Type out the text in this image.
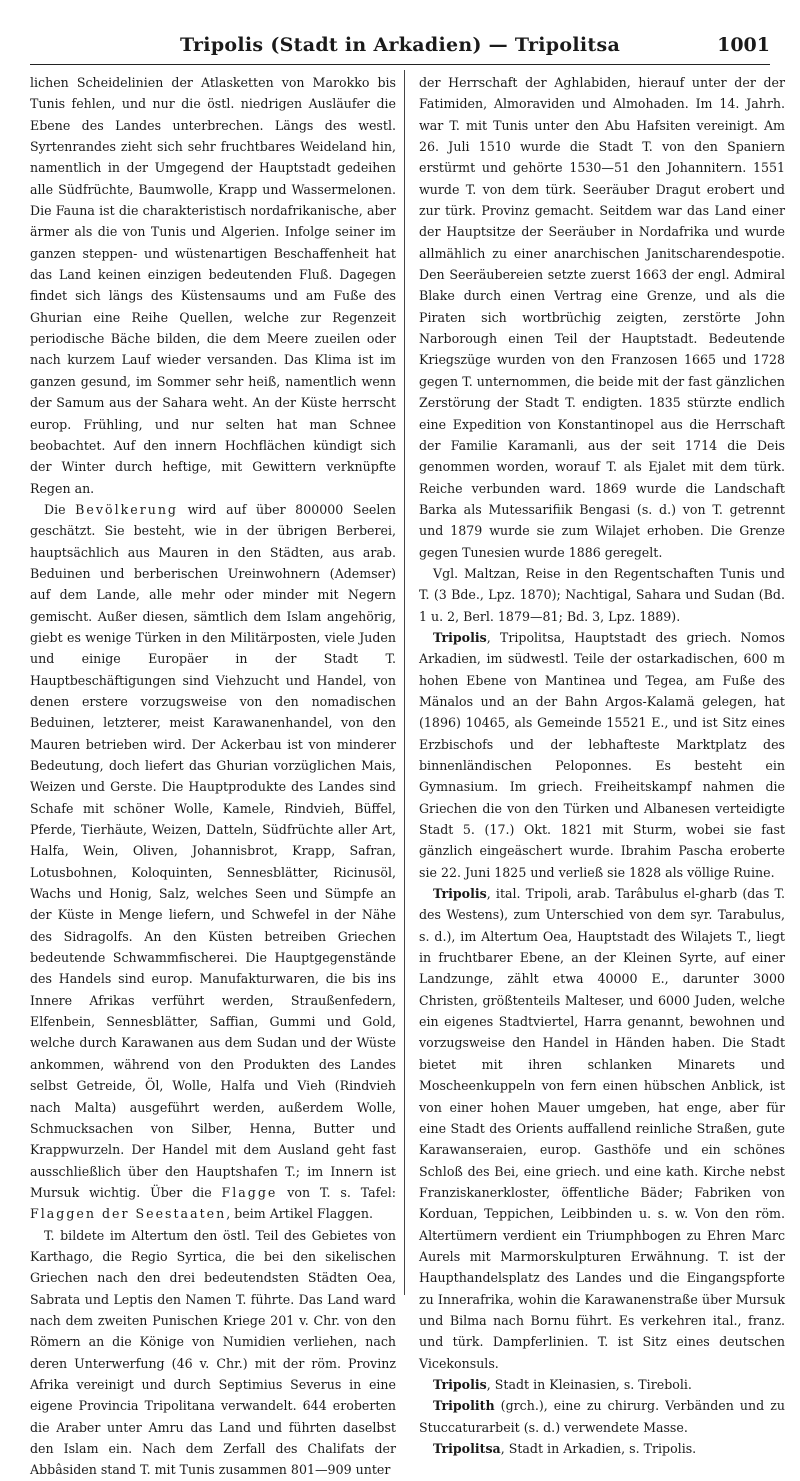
Tripolis (Stadt in Arkadien) — Tripolitsa	1001

lichen Scheidelinien der Atlasketten von Marokko bis Tunis fehlen, und nur die östl. niedrigen Ausläufer die Ebene des Landes unterbrechen. Längs des westl. Syrtenrandes zieht sich sehr fruchtbares Weideland hin, namentlich in der Umgegend der Hauptstadt gedeihen alle Südfrüchte, Baumwolle, Krapp und Wassermelonen. Die Fauna ist die charakteristisch nordafrikanische, aber ärmer als die von Tunis und Algerien. Infolge seiner im ganzen steppen- und wüstenartigen Beschaffenheit hat das Land keinen einzigen bedeutenden Fluß. Dagegen findet sich längs des Küstensaums und am Fuße des Ghurian eine Reihe Quellen, welche zur Regenzeit periodische Bäche bilden, die dem Meere zueilen oder nach kurzem Lauf wieder versanden. Das Klima ist im ganzen gesund, im Sommer sehr heiß, namentlich wenn der Samum aus der Sahara weht. An der Küste herrscht europ. Frühling, und nur selten hat man Schnee beobachtet. Auf den innern Hochflächen kündigt sich der Winter durch heftige, mit Gewittern verknüpfte Regen an.

Die Bevölkerung wird auf über 800000 Seelen geschätzt. Sie besteht, wie in der übrigen Berberei, hauptsächlich aus Mauren in den Städten, aus arab. Beduinen und berberischen Ureinwohnern (Ademser) auf dem Lande, alle mehr oder minder mit Negern gemischt. Außer diesen, sämtlich dem Islam angehörig, giebt es wenige Türken in den Militärposten, viele Juden und einige Europäer in der Stadt T. Hauptbeschäftigungen sind Viehzucht und Handel, von denen erstere vorzugsweise von den nomadischen Beduinen, letzterer, meist Karawanenhandel, von den Mauren betrieben wird. Der Ackerbau ist von minderer Bedeutung, doch liefert das Ghurian vorzüglichen Mais, Weizen und Gerste. Die Hauptprodukte des Landes sind Schafe mit schöner Wolle, Kamele, Rindvieh, Büffel, Pferde, Tierhäute, Weizen, Datteln, Südfrüchte aller Art, Halfa, Wein, Oliven, Johannisbrot, Krapp, Safran, Lotusbohnen, Koloquinten, Sennesblätter, Ricinusöl, Wachs und Honig, Salz, welches Seen und Sümpfe an der Küste in Menge liefern, und Schwefel in der Nähe des Sidragolfs. An den Küsten betreiben Griechen bedeutende Schwammfischerei. Die Hauptgegenstände des Handels sind europ. Manufakturwaren, die bis ins Innere Afrikas verführt werden, Straußenfedern, Elfenbein, Sennesblätter, Saffian, Gummi und Gold, welche durch Karawanen aus dem Sudan und der Wüste ankommen, während von den Produkten des Landes selbst Getreide, Öl, Wolle, Halfa und Vieh (Rindvieh nach Malta) ausgeführt werden, außerdem Wolle, Schmucksachen von Silber, Henna, Butter und Krappwurzeln. Der Handel mit dem Ausland geht fast ausschließlich über den Hauptshafen T.; im Innern ist Mursuk wichtig. Über die Flagge von T. s. Tafel: Flaggen der Seestaaten, beim Artikel Flaggen.

T. bildete im Altertum den östl. Teil des Gebietes von Karthago, die Regio Syrtica, die bei den sikelischen Griechen nach den drei bedeutendsten Städten Oea, Sabrata und Leptis den Namen T. führte. Das Land ward nach dem zweiten Punischen Kriege 201 v. Chr. von den Römern an die Könige von Numidien verliehen, nach deren Unterwerfung (46 v. Chr.) mit der röm. Provinz Afrika vereinigt und durch Septimius Severus in eine eigene Provincia Tripolitana verwandelt. 644 eroberten die Araber unter Amru das Land und führten daselbst den Islam ein. Nach dem Zerfall des Chalifats der Abbâsiden stand T. mit Tunis zusammen 801—909 unter

der Herrschaft der Aghlabiden, hierauf unter der der Fatimiden, Almoraviden und Almohaden. Im 14. Jahrh. war T. mit Tunis unter den Abu Hafsiten vereinigt. Am 26. Juli 1510 wurde die Stadt T. von den Spaniern erstürmt und gehörte 1530—51 den Johannitern. 1551 wurde T. von dem türk. Seeräuber Dragut erobert und zur türk. Provinz gemacht. Seitdem war das Land einer der Hauptsitze der Seeräuber in Nordafrika und wurde allmählich zu einer anarchischen Janitscharendespotie. Den Seeräubereien setzte zuerst 1663 der engl. Admiral Blake durch einen Vertrag eine Grenze, und als die Piraten sich wortbrüchig zeigten, zerstörte John Narborough einen Teil der Hauptstadt. Bedeutende Kriegszüge wurden von den Franzosen 1665 und 1728 gegen T. unternommen, die beide mit der fast gänzlichen Zerstörung der Stadt T. endigten. 1835 stürzte endlich eine Expedition von Konstantinopel aus die Herrschaft der Familie Karamanli, aus der seit 1714 die Deis genommen worden, worauf T. als Ejalet mit dem türk. Reiche verbunden ward. 1869 wurde die Landschaft Barka als Mutessarifiik Bengasi (s. d.) von T. getrennt und 1879 wurde sie zum Wilajet erhoben. Die Grenze gegen Tunesien wurde 1886 geregelt.

Vgl. Maltzan, Reise in den Regentschaften Tunis und T. (3 Bde., Lpz. 1870); Nachtigal, Sahara und Sudan (Bd. 1 u. 2, Berl. 1879—81; Bd. 3, Lpz. 1889).

Tripolis, Tripolitsa, Hauptstadt des griech. Nomos Arkadien, im südwestl. Teile der ostarkadischen, 600 m hohen Ebene von Mantinea und Tegea, am Fuße des Mänalos und an der Bahn Argos-Kalamä gelegen, hat (1896) 10465, als Gemeinde 15521 E., und ist Sitz eines Erzbischofs und der lebhafteste Marktplatz des binnenländischen Peloponnes. Es besteht ein Gymnasium. Im griech. Freiheitskampf nahmen die Griechen die von den Türken und Albanesen verteidigte Stadt 5. (17.) Okt. 1821 mit Sturm, wobei sie fast gänzlich eingeäschert wurde. Ibrahim Pascha eroberte sie 22. Juni 1825 und verließ sie 1828 als völlige Ruine.

Tripolis, ital. Tripoli, arab. Tarâbulus el-gharb (das T. des Westens), zum Unterschied von dem syr. Tarabulus, s. d.), im Altertum Oea, Hauptstadt des Wilajets T., liegt in fruchtbarer Ebene, an der Kleinen Syrte, auf einer Landzunge, zählt etwa 40000 E., darunter 3000 Christen, größtenteils Malteser, und 6000 Juden, welche ein eigenes Stadtviertel, Harra genannt, bewohnen und vorzugsweise den Handel in Händen haben. Die Stadt bietet mit ihren schlanken Minarets und Moscheenkuppeln von fern einen hübschen Anblick, ist von einer hohen Mauer umgeben, hat enge, aber für eine Stadt des Orients auffallend reinliche Straßen, gute Karawanseraien, europ. Gasthöfe und ein schönes Schloß des Bei, eine griech. und eine kath. Kirche nebst Franziskanerkloster, öffentliche Bäder; Fabriken von Korduan, Teppichen, Leibbinden u. s. w. Von den röm. Altertümern verdient ein Triumphbogen zu Ehren Marc Aurels mit Marmorskulpturen Erwähnung. T. ist der Haupthandelsplatz des Landes und die Eingangspforte zu Innerafrika, wohin die Karawanenstraße über Mursuk und Bilma nach Bornu führt. Es verkehren ital., franz. und türk. Dampferlinien. T. ist Sitz eines deutschen Vicekonsuls.

Tripolis, Stadt in Kleinasien, s. Tireboli.

Tripolith (grch.), eine zu chirurg. Verbänden und zu Stuccaturarbeit (s. d.) verwendete Masse.

Tripolitsa, Stadt in Arkadien, s. Tripolis.
